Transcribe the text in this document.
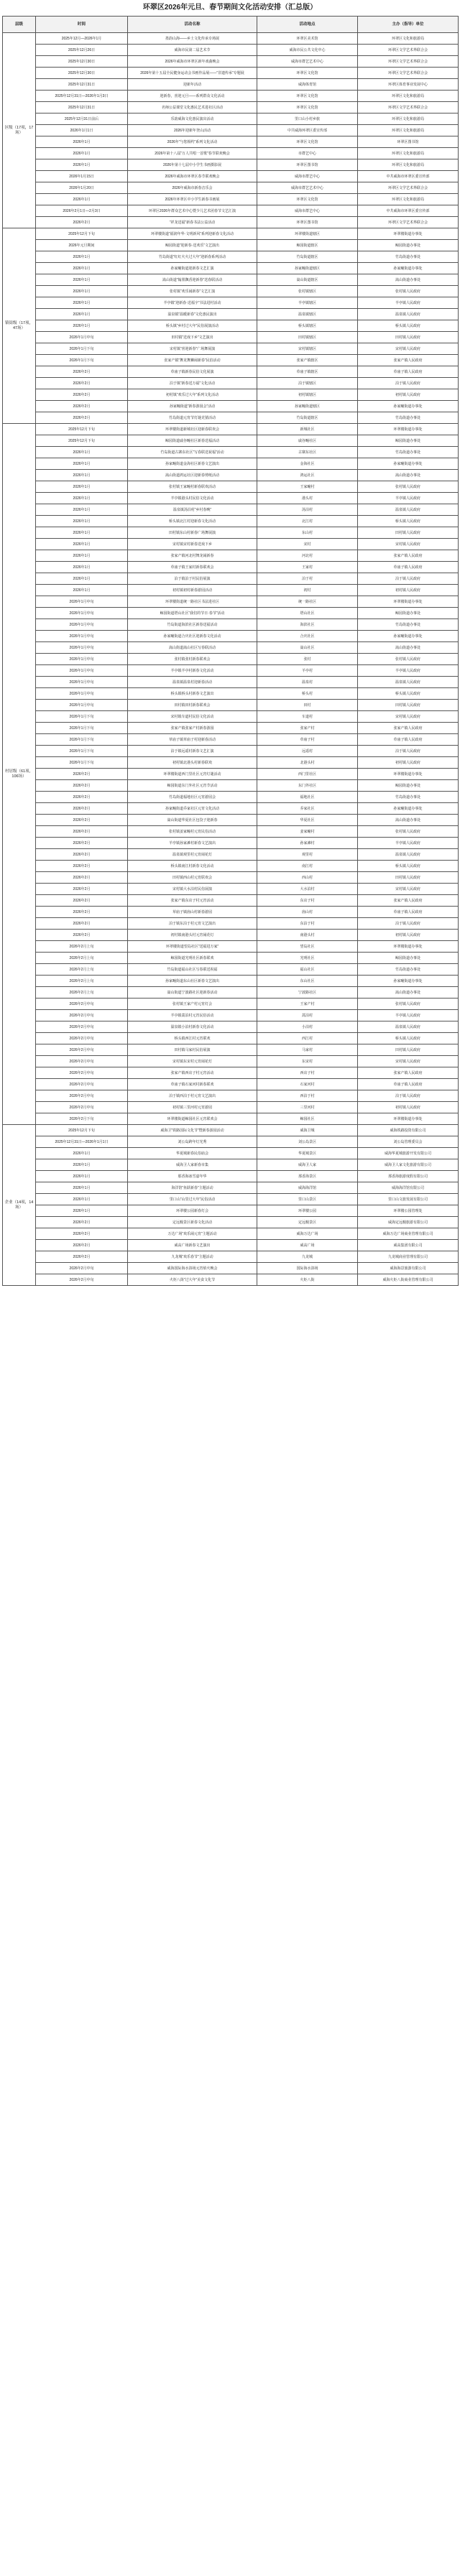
环翠区2026年元旦、春节期间文化活动安排（汇总版）
层级	时间	活动名称	活动地点	主办（指导）单位
区级（17项，17场）	2025年12月—2026年1月	墨韵山海——乡土文化传承专场展	环翠区美术馆	环翠区文化和旅游局
	2025年12月26日	威海市民第二届艺术节	威海市民公共文化中心	环翠区文学艺术界联合会
	2025年12月30日	2026年威海市环翠区新年戏曲晚会	威海市群艺艺术中心	环翠区文学艺术界联合会
	2025年12月30日	2026年第十五届全民健身运动会书画作品展——“非遗传承”专题展	环翠区文化馆	环翠区文学艺术界联合会
	2025年12月31日	迎新年活动	威海体育馆	环翠区体育事业发展中心
	2025年12月31日—2026年1月3日	迎新春，喜迎元旦——系列群众文化活动	环翠区文化馆	环翠区文化和旅游局
	2025年12月31日	名师公益课堂文化惠民艺术进社区活动	环翠区文化馆	环翠区文学艺术界联合会
	2025年12月31日前后	乐韵威海文化惠民演出活动	里口山小村乡旅	环翠区文化和旅游局
	2026年1月1日	2026年迎新年登山活动	中共威海环翠区委宣传部	环翠区文化和旅游局
	2026年1月	2026年“与您相约”系列文化活动	环翠区文化馆	环翠区图书馆
	2026年1月	2026年第十八届“万人共唱一首歌”春节联欢晚会	市群艺中心	环翠区文化和旅游局
	2026年1月	2026年第十七届中小学生书画摄影展	环翠区图书馆	环翠区文化和旅游局
	2026年1月15日	2026年威海市环翠区春节联欢晚会	威海市群艺中心	中共威海市环翠区委宣传部
	2026年1月20日	2026年威海市新春音乐会	威海市群艺艺术中心	环翠区文学艺术界联合会
	2026年1月	2026年环翠区中小学生新春书画展	环翠区文化馆	环翠区文化和旅游局
	2026年2月1日—2月3日	环翠区2026年群众艺术中心暨少儿艺术团春节文艺汇演	威海市群艺中心	中共威海市环翠区委宣传部
	2026年2月	“祥龙送福”新春书法公益活动	环翠区图书馆	环翠区文学艺术界联合会
镇街级（17项，47场）	2025年12月下旬	环翠楼街道“福润年华·文明新风”系列迎新春文化活动	环翠楼街道辖区	环翠楼街道办事处
	2026年元旦期间	鲸园街道“迎新春·送欢乐”文艺演出	鲸园街道辖区	鲸园街道办事处
	2026年1月	竹岛街道“红红火火过大年”迎新春系列活动	竹岛街道辖区	竹岛街道办事处
	2026年1月	孙家疃街道迎新春文艺汇演	孙家疃街道辖区	孙家疃街道办事处
	2026年1月	嵩山街道“翰墨飘香迎新春”送春联活动	嵩山街道辖区	嵩山街道办事处
	2026年1月	张村镇“欢乐闹新春”文艺汇演	张村镇辖区	张村镇人民政府
	2026年1月	羊亭镇“迎新春·送福字”书法进村活动	羊亭镇辖区	羊亭镇人民政府
	2026年1月	温泉镇“温暖新春”文化惠民演出	温泉镇辖区	温泉镇人民政府
	2026年1月	桥头镇“乡村过大年”民俗展演活动	桥头镇辖区	桥头镇人民政府
	2026年1月中旬	田村镇“送戏下乡”文艺演出	田村镇辖区	田村镇人民政府
	2026年1月下旬	宋村镇“喜迎新春”广场舞展演	宋村镇辖区	宋村镇人民政府
	2026年1月下旬	张家产镇“舞龙舞狮闹新春”民俗活动	张家产镇辖区	张家产镇人民政府
	2026年2月	草庙子镇新春民俗文化展演	草庙子镇辖区	草庙子镇人民政府
	2026年2月	泊于镇“新春送万福”文化活动	泊于镇辖区	泊于镇人民政府
	2026年2月	初村镇“欢乐过大年”系列文化活动	初村镇辖区	初村镇人民政府
	2026年2月	孙家疃街道“新春游园会”活动	孙家疃街道辖区	孙家疃街道办事处
	2026年2月	竹岛街道元宵节灯谜竞猜活动	竹岛街道辖区	竹岛街道办事处
村居级（61项，106场）	2025年12月下旬	环翠楼街道新城社区迎新春联欢会	新城社区	环翠楼街道办事处
	2025年12月下旬	鲸园街道戚谷疃社区新春送福活动	戚谷疃社区	鲸园街道办事处
	2026年1月	竹岛街道古寨东社区“写春联送祝福”活动	古寨东社区	竹岛街道办事处
	2026年1月	孙家疃街道金海社区新春文艺演出	金海社区	孙家疃街道办事处
	2026年1月	嵩山街道鸿运社区迎新春剪纸活动	鸿运社区	嵩山街道办事处
	2026年1月	张村镇王家疃村新春联欢活动	王家疃村	张村镇人民政府
	2026年1月	羊亭镇港头村民俗文化活动	港头村	羊亭镇人民政府
	2026年1月	温泉镇汤泊村“乡村春晚”	汤泊村	温泉镇人民政府
	2026年1月	桥头镇北江村迎新春文化活动	北江村	桥头镇人民政府
	2026年1月	田村镇东山村新春广场舞展演	东山村	田村镇人民政府
	2026年1月	宋村镇宋村新春送戏下乡	宋村	宋村镇人民政府
	2026年1月	张家产镇河北村舞龙闹新春	河北村	张家产镇人民政府
	2026年1月	草庙子镇王家村新春联欢会	王家村	草庙子镇人民政府
	2026年1月	泊于镇泊于村民俗展演	泊于村	泊于镇人民政府
	2026年1月	初村镇初村新春游园活动	初村	初村镇人民政府
	2026年1月中旬	环翠楼街道统一路社区书法进社区	统一路社区	环翠楼街道办事处
	2026年1月中旬	鲸园街道塔山社区“我们的节日·春节”活动	塔山社区	鲸园街道办事处
	2026年1月中旬	竹岛街道海滨社区新春送福活动	海滨社区	竹岛街道办事处
	2026年1月中旬	孙家疃街道合庆社区迎新春文化活动	合庆社区	孙家疃街道办事处
	2026年1月中旬	嵩山街道嵩山社区写春联活动	嵩山社区	嵩山街道办事处
	2026年1月中旬	张村镇张村新春联欢会	张村	张村镇人民政府
	2026年1月中旬	羊亭镇羊亭村新春文化活动	羊亭村	羊亭镇人民政府
	2026年1月中旬	温泉镇温泉村迎新春活动	温泉村	温泉镇人民政府
	2026年1月中旬	桥头镇桥头村新春文艺演出	桥头村	桥头镇人民政府
	2026年1月中旬	田村镇田村新春联欢会	田村	田村镇人民政府
	2026年1月下旬	宋村镇车道村民俗文化活动	车道村	宋村镇人民政府
	2026年1月下旬	张家产镇张家产村新春游园	张家产村	张家产镇人民政府
	2026年1月下旬	草庙子镇草庙子村迎新春活动	草庙子村	草庙子镇人民政府
	2026年1月下旬	泊于镇远遥村新春文艺汇演	远遥村	泊于镇人民政府
	2026年1月下旬	初村镇北港头村新春联欢	北港头村	初村镇人民政府
	2026年2月	环翠楼街道西门里社区元宵灯谜活动	西门里社区	环翠楼街道办事处
	2026年2月	鲸园街道东门外社区元宵节活动	东门外社区	鲸园街道办事处
	2026年2月	竹岛街道福地社区元宵游园会	福地社区	竹岛街道办事处
	2026年2月	孙家疃街道乔家社区元宵文化活动	乔家社区	孙家疃街道办事处
	2026年2月	嵩山街道华夏社区包饺子迎新春	华夏社区	嵩山街道办事处
	2026年2月	张村镇姜家疃村元宵民俗活动	姜家疃村	张村镇人民政府
	2026年2月	羊亭镇孙家滩村新春文艺演出	孙家滩村	羊亭镇人民政府
	2026年2月	温泉镇观里村元宵闹花灯	观里村	温泉镇人民政府
	2026年2月	桥头镇南江村新春文化活动	南江村	桥头镇人民政府
	2026年2月	田村镇西山村元宵联欢会	西山村	田村镇人民政府
	2026年2月	宋村镇大水泊村民俗展演	大水泊村	宋村镇人民政府
	2026年2月	张家产镇东店子村元宵活动	东店子村	张家产镇人民政府
	2026年2月	草庙子镇崮山村新春游园	崮山村	草庙子镇人民政府
	2026年2月	泊于镇东泊于村元宵文艺演出	东泊于村	泊于镇人民政府
	2026年2月	初村镇南港头村元宵闹花灯	南港头村	初村镇人民政府
	2026年2月上旬	环翠楼街道望岛社区“送福进万家”	望岛社区	环翠楼街道办事处
	2026年2月上旬	鲸园街道光明社区新春联欢	光明社区	鲸园街道办事处
	2026年2月上旬	竹岛街道福山社区写春联送祝福	福山社区	竹岛街道办事处
	2026年2月上旬	孙家疃街道东山社区新春文艺演出	东山社区	孙家疃街道办事处
	2026年2月上旬	嵩山街道宁波路社区迎新春活动	宁波路社区	嵩山街道办事处
	2026年2月中旬	张村镇王家产村元宵灯会	王家产村	张村镇人民政府
	2026年2月中旬	羊亭镇蒿泊村元宵民俗活动	蒿泊村	羊亭镇人民政府
	2026年2月中旬	温泉镇小泊村新春文化活动	小泊村	温泉镇人民政府
	2026年2月中旬	桥头镇西江村元宵联欢	西江村	桥头镇人民政府
	2026年2月中旬	田村镇马家村民俗展演	马家村	田村镇人民政府
	2026年2月中旬	宋村镇东宋村元宵闹花灯	东宋村	宋村镇人民政府
	2026年2月中旬	张家产镇西店子村元宵活动	西店子村	张家产镇人民政府
	2026年2月中旬	草庙子镇石家河村新春联欢	石家河村	草庙子镇人民政府
	2026年2月中旬	泊于镇西泊于村元宵文艺演出	西泊于村	泊于镇人民政府
	2026年2月中旬	初村镇三里河村元宵游园	三里河村	初村镇人民政府
	2026年2月下旬	环翠楼街道鲸园社区元宵联欢会	鲸园社区	环翠楼街道办事处
企业（14项，14场）	2025年12月下旬	威海卫“铁路国际文化节”暨新春游园活动	威海卫城	威海铁路投资有限公司
	2025年12月31日—2026年1月1日	刘公岛跨年灯光秀	刘公岛景区	刘公岛管理委员会
	2026年1月	华夏城新春民俗庙会	华夏城景区	威海华夏城旅游开发有限公司
	2026年1月	威海卫人家新春市集	威海卫人家	威海卫人家文化旅游有限公司
	2026年1月	那香海冰雪嘉年华	那香海景区	那香海旅游度假有限公司
	2026年1月	海洋馆“鱼跃新春”主题活动	威海海洋馆	威海海洋馆有限公司
	2026年1月	里口山“山里过大年”民俗活动	里口山景区	里口山文旅发展有限公司
	2026年1月	环翠楼公园新春灯会	环翠楼公园	环翠楼公园管理处
	2026年2月	定远舰景区新春文化活动	定远舰景区	威海定远舰旅游有限公司
	2026年2月	万达广场“欢乐闹元宵”主题活动	威海万达广场	威海万达广场商业管理有限公司
	2026年2月	威高广场新春文艺演出	威高广场	威高集团有限公司
	2026年2月	九龙城“欢乐春节”主题活动	九龙城	九龙城商业管理有限公司
	2026年2月中旬	威海国际海水浴场元宵焰火晚会	国际海水浴场	威海海景旅游有限公司
	2026年2月中旬	火炬八街“过大年”美食文化节	火炬八街	威海火炬八街商业管理有限公司
